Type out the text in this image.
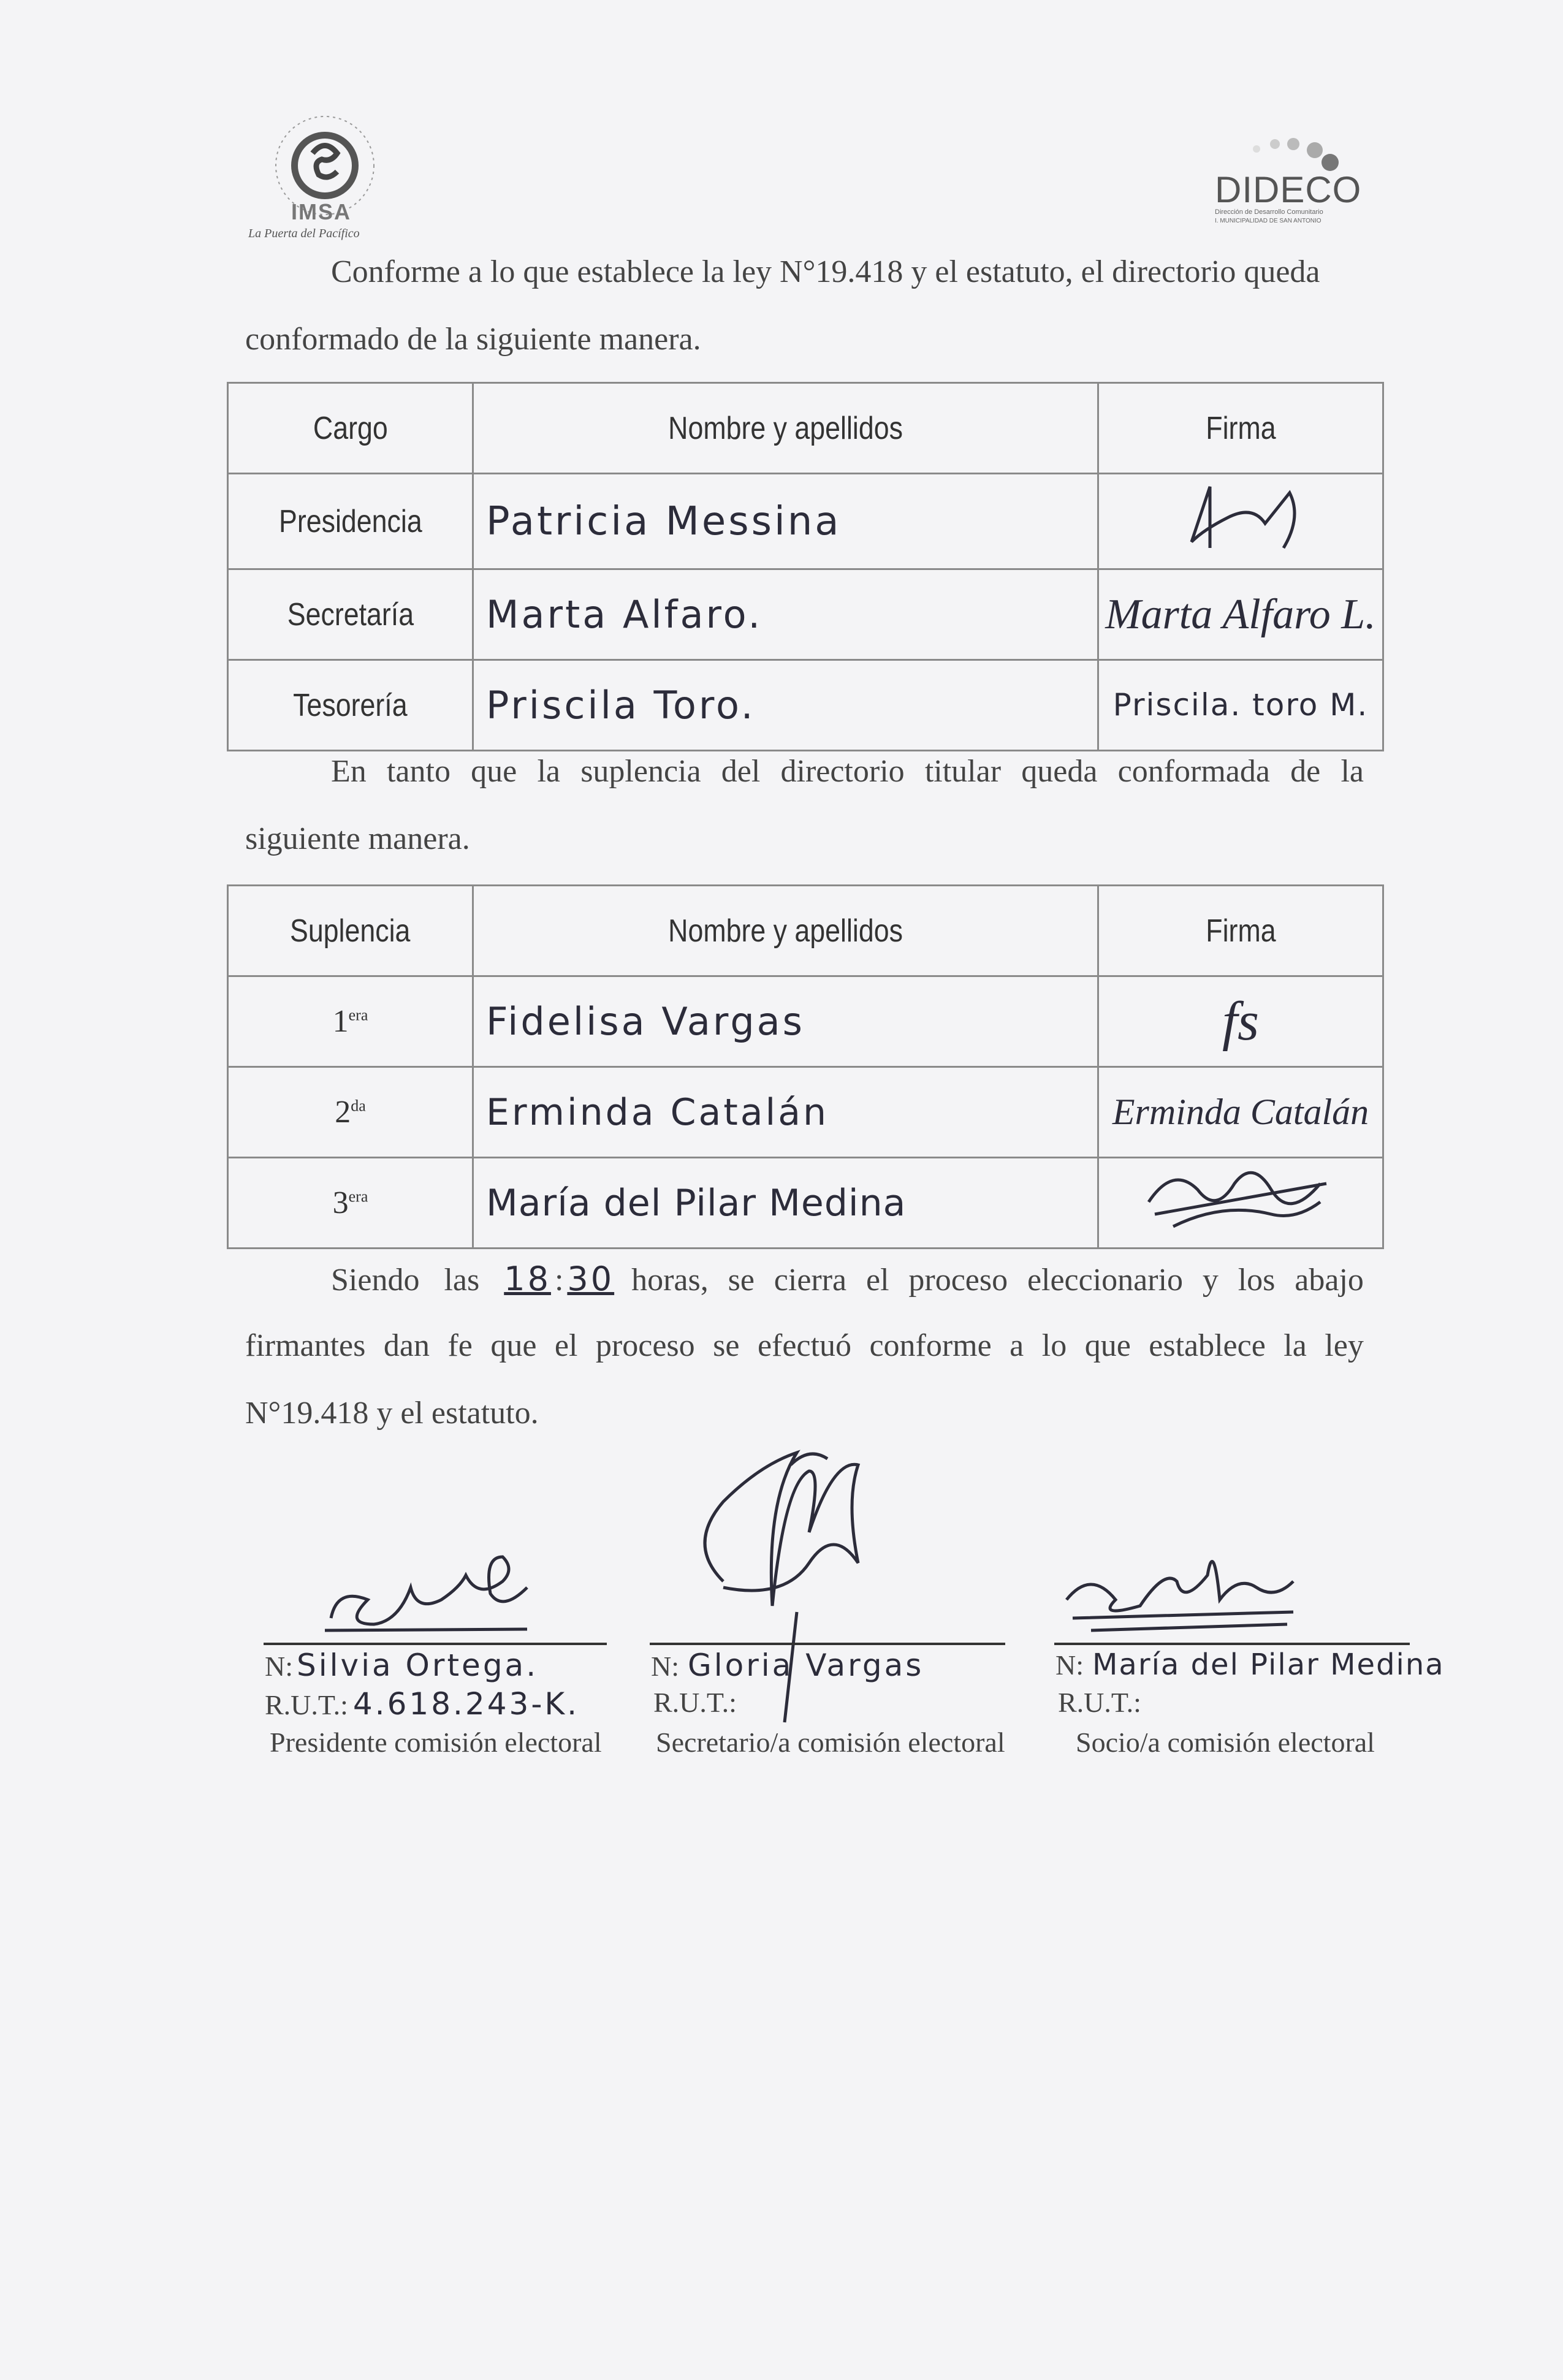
IMSA
La Puerta del Pacífico
DIDECO
Dirección de Desarrollo Comunitario
I. MUNICIPALIDAD DE SAN ANTONIO
Conforme a lo que establece la ley N°19.418 y el estatuto, el directorio queda
conformado de la siguiente manera.
Cargo	Nombre y apellidos	Firma
Presidencia	Patricia Messina	
Secretaría	Marta Alfaro.	Marta Alfaro L.
Tesorería	Priscila Toro.	Priscila. toro M.
En tanto que la suplencia del directorio titular queda conformada de la
siguiente manera.
Suplencia	Nombre y apellidos	Firma
$1^{era}$	Fidelisa Vargas	fs
$2^{da}$	Erminda Catalán	Erminda Catalán
$3^{era}$	María del Pilar Medina	
Siendo las 18 : 30 horas, se cierra el proceso eleccionario y los abajo
firmantes dan fe que el proceso se efectuó conforme a lo que establece la ley
N°19.418 y el estatuto.
N: Silvia Ortega.
R.U.T.: 4.618.243-K.
Presidente comisión electoral
N: Gloria Vargas
R.U.T.:
Secretario/a comisión electoral
N: María del Pilar Medina
R.U.T.:
Socio/a comisión electoral
